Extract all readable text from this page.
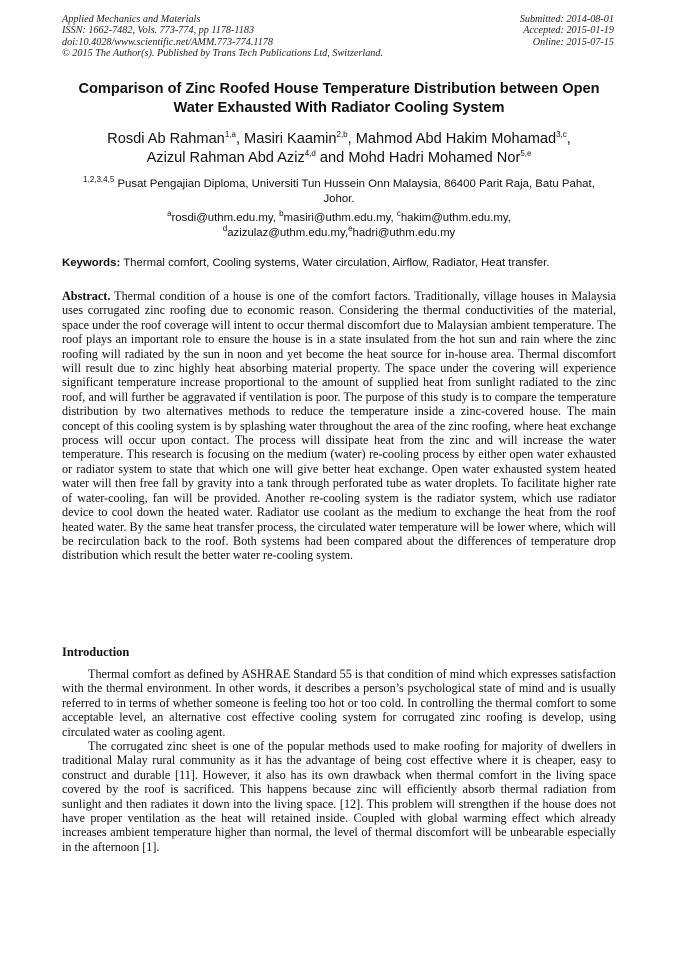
Applied Mechanics and Materials
ISSN: 1662-7482, Vols. 773-774, pp 1178-1183
doi:10.4028/www.scientific.net/AMM.773-774.1178
© 2015 The Author(s). Published by Trans Tech Publications Ltd, Switzerland.
Submitted: 2014-08-01
Accepted: 2015-01-19
Online: 2015-07-15
Comparison of Zinc Roofed House Temperature Distribution between Open Water Exhausted With Radiator Cooling System
Rosdi Ab Rahman$^{1,a}$, Masiri Kaamin$^{2,b}$, Mahmod Abd Hakim Mohamad$^{3,c}$,
Azizul Rahman Abd Aziz$^{4,d}$ and Mohd Hadri Mohamed Nor$^{5,e}$
$^{1,2,3,4,5}$ Pusat Pengajian Diploma, Universiti Tun Hussein Onn Malaysia, 86400 Parit Raja, Batu Pahat, Johor.
$^a$rosdi@uthm.edu.my, $^b$masiri@uthm.edu.my, $^c$hakim@uthm.edu.my,
$^d$azizulaz@uthm.edu.my,$^e$hadri@uthm.edu.my
Keywords: Thermal comfort, Cooling systems, Water circulation, Airflow, Radiator, Heat transfer.
Abstract. Thermal condition of a house is one of the comfort factors. Traditionally, village houses in Malaysia uses corrugated zinc roofing due to economic reason. Considering the thermal conductivities of the material, space under the roof coverage will intent to occur thermal discomfort due to Malaysian ambient temperature. The roof plays an important role to ensure the house is in a state insulated from the hot sun and rain where the zinc roofing will radiated by the sun in noon and yet become the heat source for in-house area. Thermal discomfort will result due to zinc highly heat absorbing material property. The space under the covering will experience significant temperature increase proportional to the amount of supplied heat from sunlight radiated to the zinc roof, and will further be aggravated if ventilation is poor. The purpose of this study is to compare the temperature distribution by two alternatives methods to reduce the temperature inside a zinc-covered house. The main concept of this cooling system is by splashing water throughout the area of the zinc roofing, where heat exchange process will occur upon contact. The process will dissipate heat from the zinc and will increase the water temperature. This research is focusing on the medium (water) re-cooling process by either open water exhausted or radiator system to state that which one will give better heat exchange. Open water exhausted system heated water will then free fall by gravity into a tank through perforated tube as water droplets. To facilitate higher rate of water-cooling, fan will be provided. Another re-cooling system is the radiator system, which use radiator device to cool down the heated water. Radiator use coolant as the medium to exchange the heat from the roof heated water. By the same heat transfer process, the circulated water temperature will be lower where, which will be recirculation back to the roof. Both systems had been compared about the differences of temperature drop distribution which result the better water re-cooling system.
Introduction

Thermal comfort as defined by ASHRAE Standard 55 is that condition of mind which expresses satisfaction with the thermal environment. In other words, it describes a person’s psychological state of mind and is usually referred to in terms of whether someone is feeling too hot or too cold. In controlling the thermal comfort to some acceptable level, an alternative cost effective cooling system for corrugated zinc roofing is develop, using circulated water as cooling agent.

The corrugated zinc sheet is one of the popular methods used to make roofing for majority of dwellers in traditional Malay rural community as it has the advantage of being cost effective where it is cheaper, easy to construct and durable [11]. However, it also has its own drawback when thermal comfort in the living space covered by the roof is sacrificed. This happens because zinc will efficiently absorb thermal radiation from sunlight and then radiates it down into the living space. [12]. This problem will strengthen if the house does not have proper ventilation as the heat will retained inside. Coupled with global warming effect which already increases ambient temperature higher than normal, the level of thermal discomfort will be unbearable especially in the afternoon [1].
